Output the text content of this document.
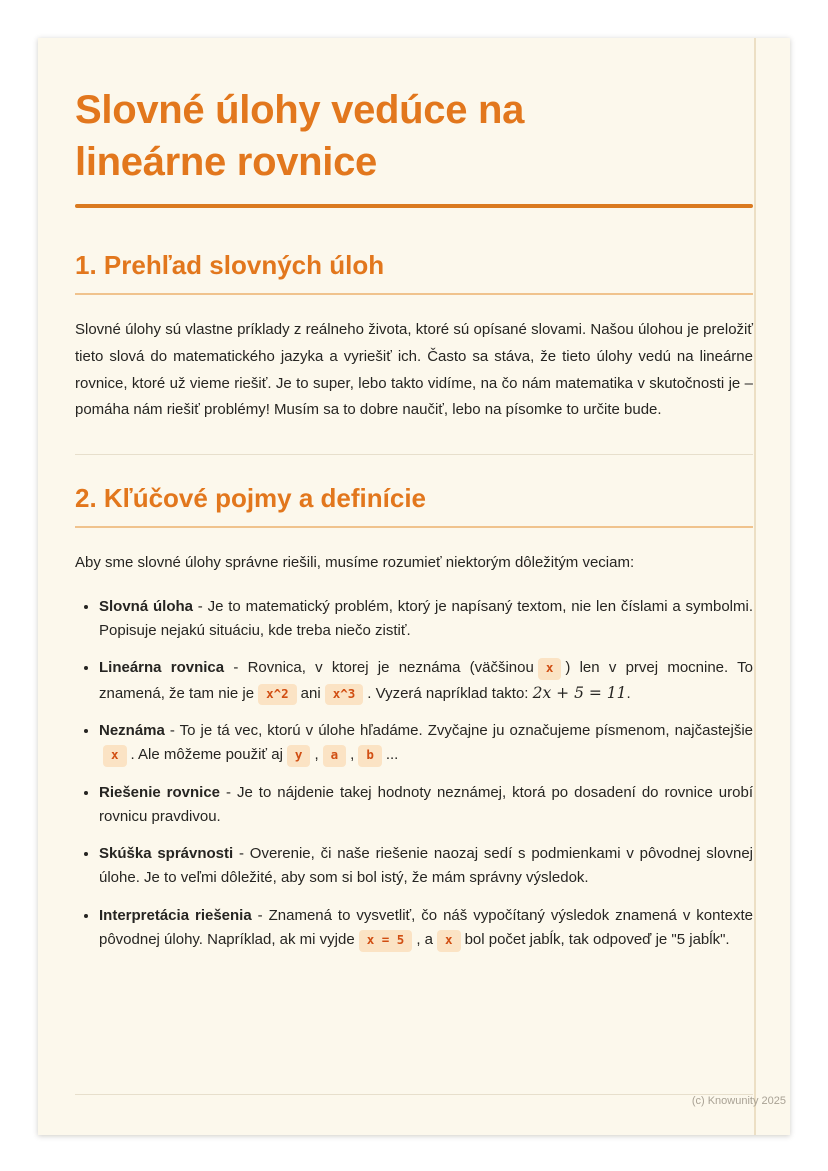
Slovné úlohy vedúce na lineárne rovnice
1. Prehľad slovných úloh

Slovné úlohy sú vlastne príklady z reálneho života, ktoré sú opísané slovami. Našou úlohou je preložiť tieto slová do matematického jazyka a vyriešiť ich. Často sa stáva, že tieto úlohy vedú na lineárne rovnice, ktoré už vieme riešiť. Je to super, lebo takto vidíme, na čo nám matematika v skutočnosti je – pomáha nám riešiť problémy! Musím sa to dobre naučiť, lebo na písomke to určite bude.

2. Kľúčové pojmy a definície

Aby sme slovné úlohy správne riešili, musíme rozumieť niektorým dôležitým veciam:

• Slovná úloha - Je to matematický problém, ktorý je napísaný textom, nie len číslami a symbolmi. Popisuje nejakú situáciu, kde treba niečo zistiť.
• Lineárna rovnica - Rovnica, v ktorej je neznáma (väčšinou x ) len v prvej mocnine. To znamená, že tam nie je x^2 ani x^3 . Vyzerá napríklad takto: 2x + 5 = 11.
• Neznáma - To je tá vec, ktorú v úlohe hľadáme. Zvyčajne ju označujeme písmenom, najčastejšiex . Ale môžeme použiť aj y , a , b ...
• Riešenie rovnice - Je to nájdenie takej hodnoty neznámej, ktorá po dosadení do rovnice urobí rovnicu pravdivou.
• Skúška správnosti - Overenie, či naše riešenie naozaj sedí s podmienkami v pôvodnej slovnej úlohe. Je to veľmi dôležité, aby som si bol istý, že mám správny výsledok.
• Interpretácia riešenia - Znamená to vysvetliť, čo náš vypočítaný výsledok znamená v kontexte pôvodnej úlohy. Napríklad, ak mi vyjde x = 5 , a x bol počet jabĺk, tak odpoveď je "5 jabĺk".
(c) Knowunity 2025
